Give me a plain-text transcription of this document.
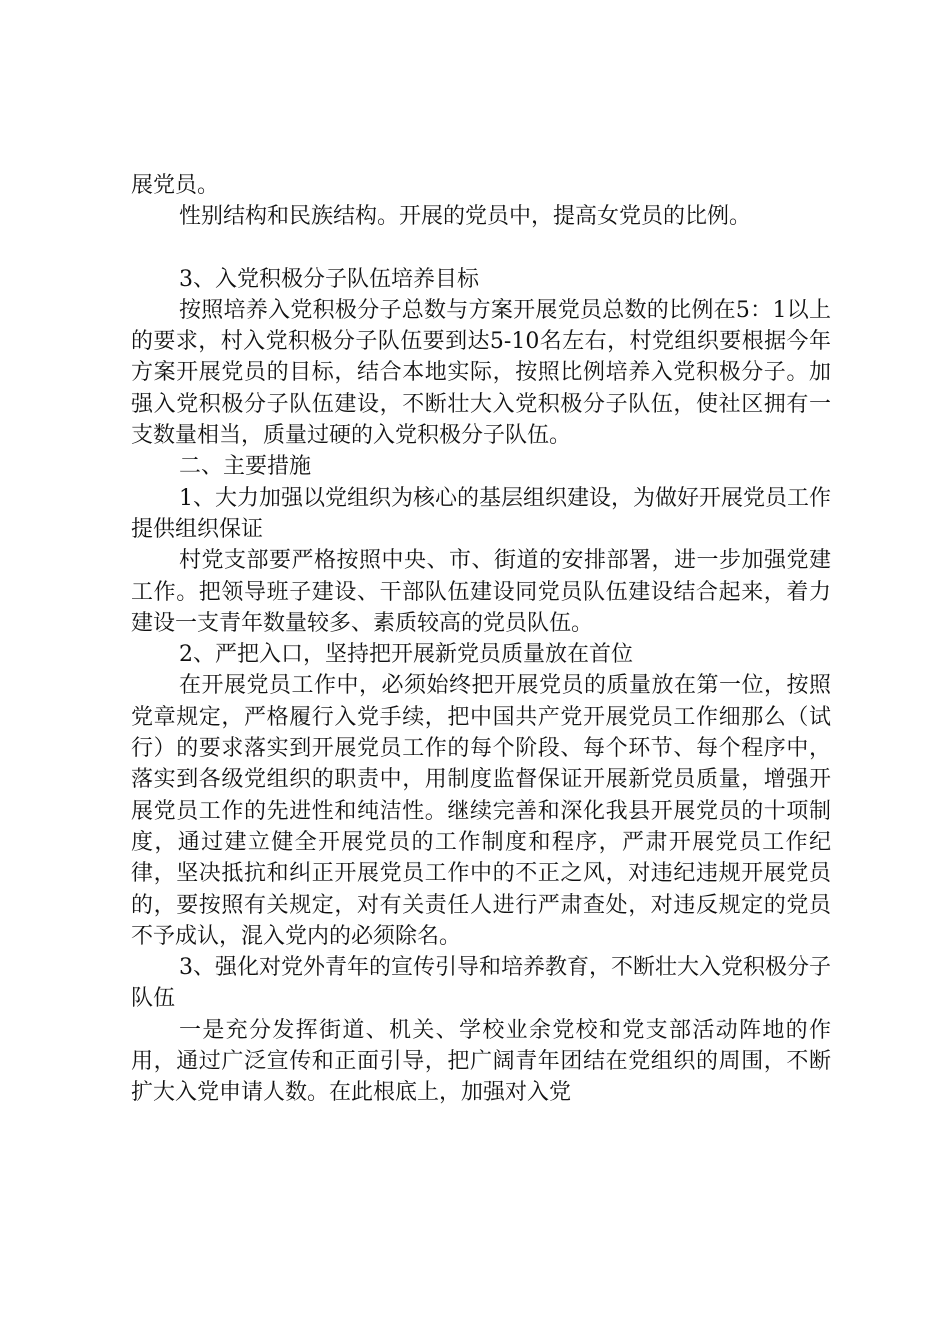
展党员。

性别结构和民族结构。开展的党员中，提高女党员的比例。

3、入党积极分子队伍培养目标

按照培养入党积极分子总数与方案开展党员总数的比例在5：1以上的要求，村入党积极分子队伍要到达5-10名左右，村党组织要根据今年方案开展党员的目标，结合本地实际，按照比例培养入党积极分子。加强入党积极分子队伍建设，不断壮大入党积极分子队伍，使社区拥有一支数量相当，质量过硬的入党积极分子队伍。

二、主要措施

1、大力加强以党组织为核心的基层组织建设，为做好开展党员工作提供组织保证

村党支部要严格按照中央、市、街道的安排部署，进一步加强党建工作。把领导班子建设、干部队伍建设同党员队伍建设结合起来，着力建设一支青年数量较多、素质较高的党员队伍。

2、严把入口，坚持把开展新党员质量放在首位

在开展党员工作中，必须始终把开展党员的质量放在第一位，按照党章规定，严格履行入党手续，把中国共产党开展党员工作细那么（试行）的要求落实到开展党员工作的每个阶段、每个环节、每个程序中，落实到各级党组织的职责中，用制度监督保证开展新党员质量，增强开展党员工作的先进性和纯洁性。继续完善和深化我县开展党员的十项制度，通过建立健全开展党员的工作制度和程序，严肃开展党员工作纪律，坚决抵抗和纠正开展党员工作中的不正之风，对违纪违规开展党员的，要按照有关规定，对有关责任人进行严肃查处，对违反规定的党员不予成认，混入党内的必须除名。

3、强化对党外青年的宣传引导和培养教育，不断壮大入党积极分子队伍

一是充分发挥街道、机关、学校业余党校和党支部活动阵地的作用，通过广泛宣传和正面引导，把广阔青年团结在党组织的周围，不断扩大入党申请人数。在此根底上，加强对入党
